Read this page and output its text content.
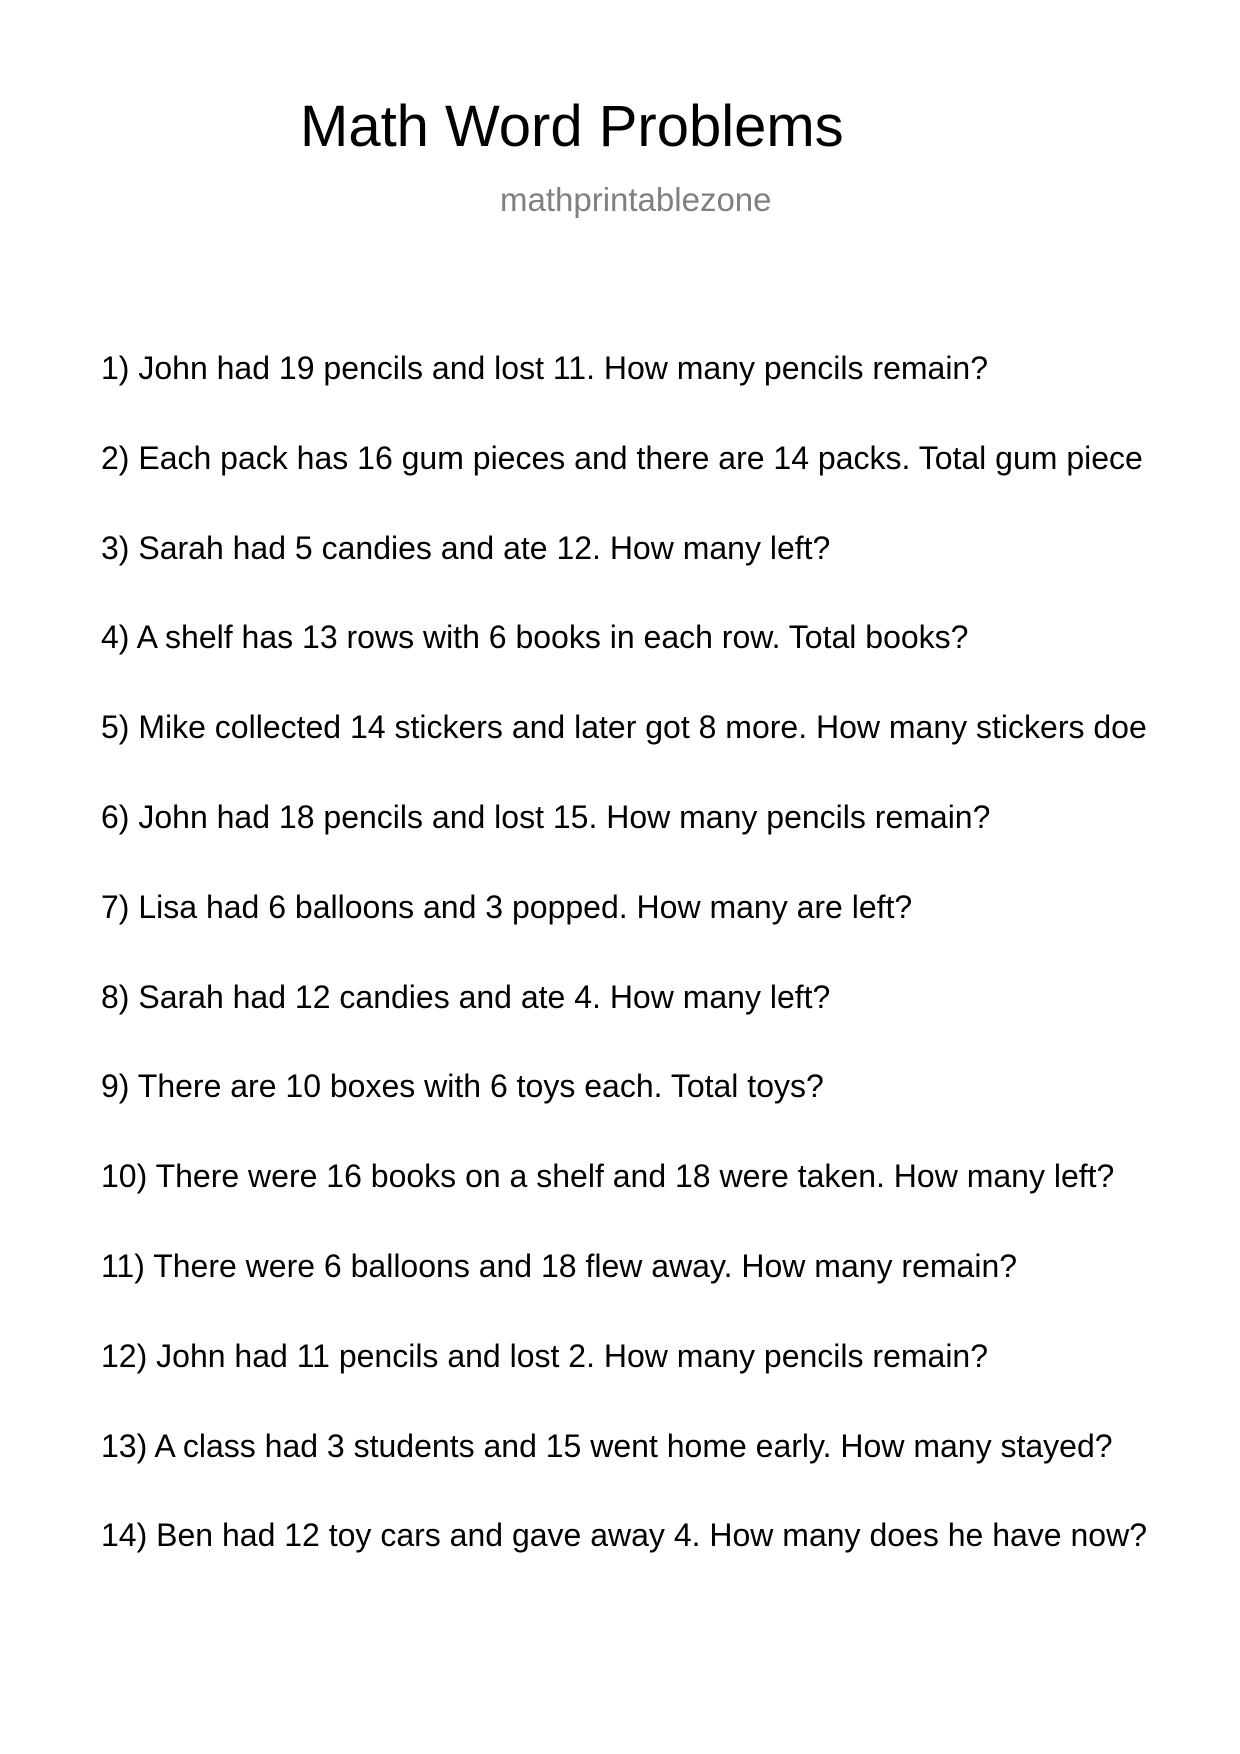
Math Word Problems
mathprintablezone
1) John had 19 pencils and lost 11. How many pencils remain?
2) Each pack has 16 gum pieces and there are 14 packs. Total gum piece
3) Sarah had 5 candies and ate 12. How many left?
4) A shelf has 13 rows with 6 books in each row. Total books?
5) Mike collected 14 stickers and later got 8 more. How many stickers doe
6) John had 18 pencils and lost 15. How many pencils remain?
7) Lisa had 6 balloons and 3 popped. How many are left?
8) Sarah had 12 candies and ate 4. How many left?
9) There are 10 boxes with 6 toys each. Total toys?
10) There were 16 books on a shelf and 18 were taken. How many left?
11) There were 6 balloons and 18 flew away. How many remain?
12) John had 11 pencils and lost 2. How many pencils remain?
13) A class had 3 students and 15 went home early. How many stayed?
14) Ben had 12 toy cars and gave away 4. How many does he have now?
